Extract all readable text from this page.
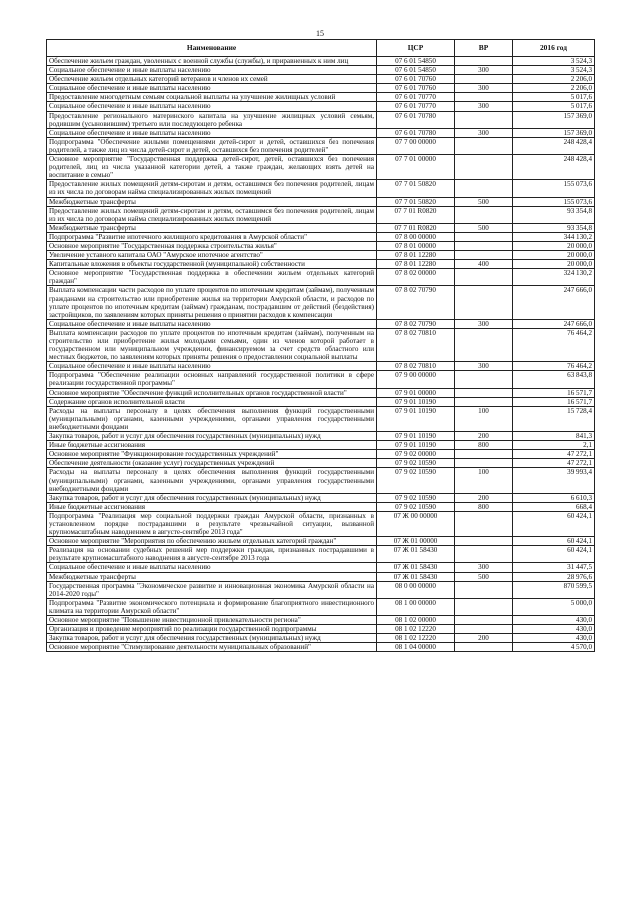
15
Наименование	ЦСР	ВР	2016 год
Обеспечение жильем граждан, уволенных с военной службы (службы), и приравненных к ним лиц	07 6 01 54850		3 524,3
Социальное обеспечение и иные выплаты населению	07 6 01 54850	300	3 524,3
Обеспечение жильем отдельных категорий ветеранов и членов их семей	07 6 01 70760		2 206,0
Социальное обеспечение и иные выплаты населению	07 6 01 70760	300	2 206,0
Предоставление многодетным семьям социальной выплаты на улучшение жилищных условий	07 6 01 70770		5 017,6
Социальное обеспечение и иные выплаты населению	07 6 01 70770	300	5 017,6
Предоставление регионального материнского капитала на улучшение жилищных условий семьям, родившим (усыновившим) третьего или последующего ребенка	07 6 01 70780		157 369,0
Социальное обеспечение и иные выплаты населению	07 6 01 70780	300	157 369,0
Подпрограмма "Обеспечение жилыми помещениями детей-сирот и детей, оставшихся без попечения родителей, а также лиц из числа детей-сирот и детей, оставшихся без попечения родителей"	07 7 00 00000		248 428,4
Основное мероприятие "Государственная поддержка детей-сирот, детей, оставшихся без попечения родителей, лиц из числа указанной категории детей, а также граждан, желающих взять детей на воспитание в семью"	07 7 01 00000		248 428,4
Предоставление жилых помещений детям-сиротам и детям, оставшимся без попечения родителей, лицам из их числа по договорам найма специализированных жилых помещений	07 7 01 50820		155 073,6
Межбюджетные трансферты	07 7 01 50820	500	155 073,6
Предоставление жилых помещений детям-сиротам и детям, оставшимся без попечения родителей, лицам из их числа по договорам найма специализированных жилых помещений	07 7 01 R0820		93 354,8
Межбюджетные трансферты	07 7 01 R0820	500	93 354,8
Подпрограмма "Развитие ипотечного жилищного кредитования в Амурской области"	07 8 00 00000		344 130,2
Основное мероприятие "Государственная поддержка строительства жилья"	07 8 01 00000		20 000,0
Увеличение уставного капитала ОАО "Амурское ипотечное агентство"	07 8 01 12280		20 000,0
Капитальные вложения в объекты государственной (муниципальной) собственности	07 8 01 12280	400	20 000,0
Основное мероприятие "Государственная поддержка в обеспечении жильем отдельных категорий граждан"	07 8 02 00000		324 130,2
Выплата компенсации части расходов по уплате процентов по ипотечным кредитам (займам), полученным гражданами на строительство или приобретение жилья на территории Амурской области, и расходов по уплате процентов по ипотечным кредитам (займам) гражданам, пострадавшим от действий (бездействия) застройщиков, по заявлениям которых приняты решения о принятии расходов к компенсации	07 8 02 70790		247 666,0
Социальное обеспечение и иные выплаты населению	07 8 02 70790	300	247 666,0
Выплата компенсации расходов по уплате процентов по ипотечным кредитам (займам), полученным на строительство или приобретение жилья молодыми семьями, один из членов которой работает в государственном или муниципальном учреждении, финансируемом за счет средств областного или местных бюджетов, по заявлениям которых приняты решения о предоставлении социальной выплаты	07 8 02 70810		76 464,2
Социальное обеспечение и иные выплаты населению	07 8 02 70810	300	76 464,2
Подпрограмма "Обеспечение реализации основных направлений государственной политики в сфере реализации государственной программы"	07 9 00 00000		63 843,8
Основное мероприятие "Обеспечение функций исполнительных органов государственной власти"	07 9 01 00000		16 571,7
Содержание органов исполнительной власти	07 9 01 10190		16 571,7
Расходы на выплаты персоналу в целях обеспечения выполнения функций государственными (муниципальными) органами, казенными учреждениями, органами управления государственными внебюджетными фондами	07 9 01 10190	100	15 728,4
Закупка товаров, работ и услуг для обеспечения государственных (муниципальных) нужд	07 9 01 10190	200	841,3
Иные бюджетные ассигнования	07 9 01 10190	800	2,1
Основное мероприятие "Функционирование государственных учреждений"	07 9 02 00000		47 272,1
Обеспечение деятельности (оказание услуг) государственных учреждений	07 9 02 10590		47 272,1
Расходы на выплаты персоналу в целях обеспечения выполнения функций государственными (муниципальными) органами, казенными учреждениями, органами управления государственными внебюджетными фондами	07 9 02 10590	100	39 993,4
Закупка товаров, работ и услуг для обеспечения государственных (муниципальных) нужд	07 9 02 10590	200	6 610,3
Иные бюджетные ассигнования	07 9 02 10590	800	668,4
Подпрограмма "Реализация мер социальной поддержки граждан Амурской области, признанных в установленном порядке пострадавшими в результате чрезвычайной ситуации, вызванной крупномасштабным наводнением в августе-сентябре 2013 года"	07 Ж 00 00000		60 424,1
Основное мероприятие "Мероприятия по обеспечению жильем отдельных категорий граждан"	07 Ж 01 00000		60 424,1
Реализация на основании судебных решений мер поддержки граждан, признанных пострадавшими в результате крупномасштабного наводнения в августе-сентябре 2013 года	07 Ж 01 58430		60 424,1
Социальное обеспечение и иные выплаты населению	07 Ж 01 58430	300	31 447,5
Межбюджетные трансферты	07 Ж 01 58430	500	28 976,6
Государственная программа "Экономическое развитие и инновационная экономика Амурской области на 2014-2020 годы"	08 0 00 00000		870 599,5
Подпрограмма "Развитие экономического потенциала и формирование благоприятного инвестиционного климата на территории Амурской области"	08 1 00 00000		5 000,0
Основное мероприятие "Повышение инвестиционной привлекательности региона"	08 1 02 00000		430,0
Организация и проведение мероприятий по реализации государственной подпрограммы	08 1 02 12220		430,0
Закупка товаров, работ и услуг для обеспечения государственных (муниципальных) нужд	08 1 02 12220	200	430,0
Основное мероприятие "Стимулирование деятельности муниципальных образований"	08 1 04 00000		4 570,0
